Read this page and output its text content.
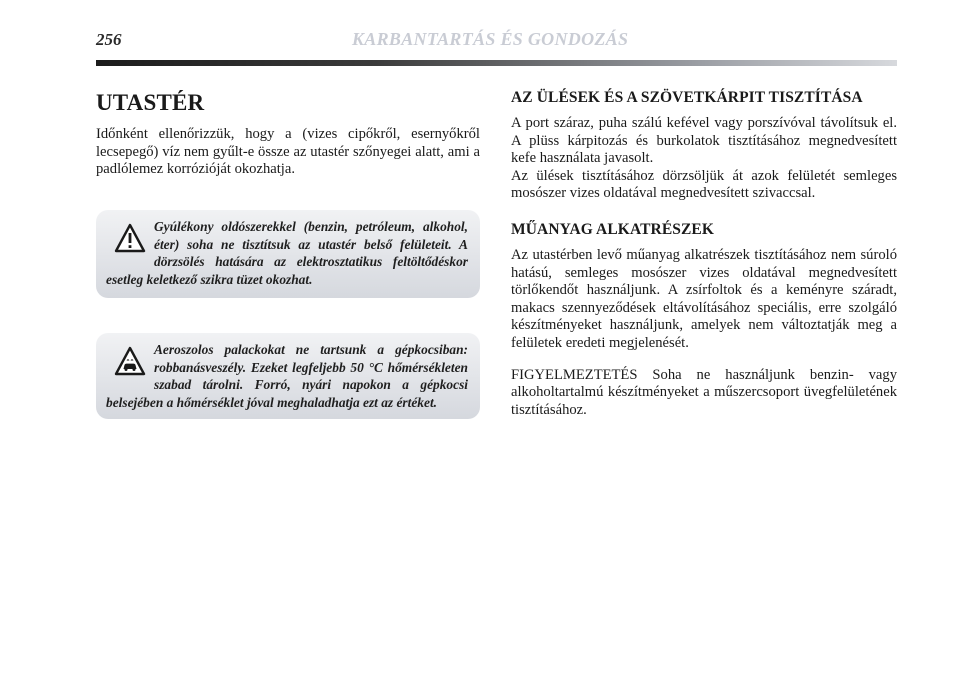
256	KARBANTARTÁS ÉS GONDOZÁS
UTASTÉR

Időnként ellenőrizzük, hogy a (vizes cipőkről, esernyőkről lecsepegő) víz nem gyűlt-e össze az utastér szőnyegei alatt, ami a padlólemez korrózióját okozhatja.

Gyúlékony oldószerekkel (benzin, petróleum, alkohol, éter) soha ne tisztítsuk az utastér belső felületeit. A dörzsölés hatására az elektrosztatikus feltöltődéskor esetleg keletkező szikra tüzet okozhat.
Aeroszolos palackokat ne tartsunk a gépkocsiban: robbanásveszély. Ezeket legfeljebb 50 °C hőmérsékleten szabad tárolni. Forró, nyári napokon a gépkocsi belsejében a hőmérséklet jóval meghaladhatja ezt az értéket.
AZ ÜLÉSEK ÉS A SZÖVETKÁRPIT TISZTÍTÁSA

A port száraz, puha szálú kefével vagy porszívóval távolítsuk el. A plüss kárpitozás és burkolatok tisztításához megnedvesített kefe használata javasolt.

Az ülések tisztításához dörzsöljük át azok felületét semleges mosószer vizes oldatával megnedvesített szivaccsal.

MŰANYAG ALKATRÉSZEK

Az utastérben levő műanyag alkatrészek tisztításához nem súroló hatású, semleges mosószer vizes oldatával megnedvesített törlőkendőt használjunk. A zsírfoltok és a keményre száradt, makacs szennyeződések eltávolításához speciális, erre szolgáló készítményeket használjunk, amelyek nem változtatják meg a felületek eredeti megjelenését.

FIGYELMEZTETÉS Soha ne használjunk benzin- vagy alkoholtartalmú készítményeket a műszercsoport üvegfelületének tisztításához.
